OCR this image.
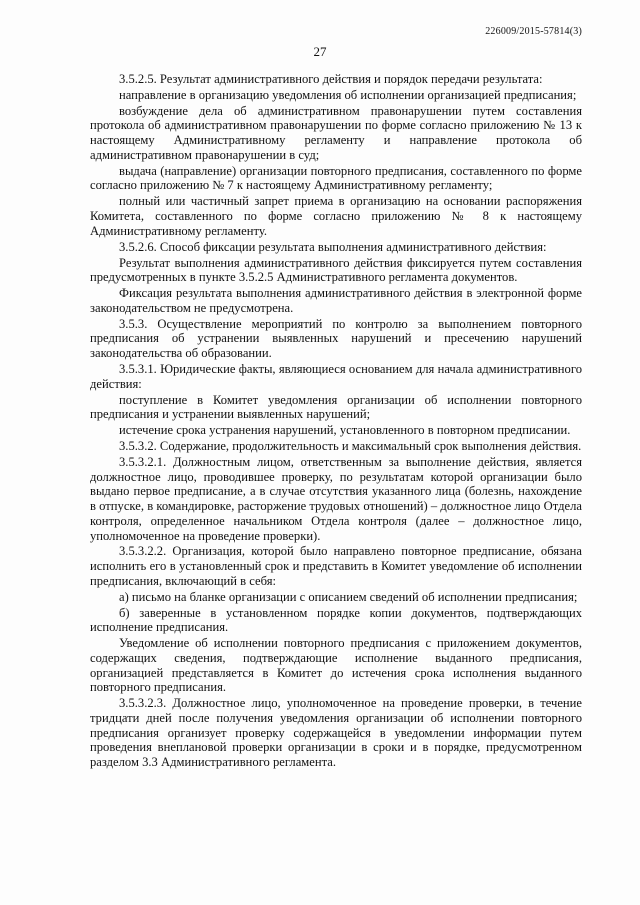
226009/2015-57814(3)
27

3.5.2.5. Результат административного действия и порядок передачи результата:

направление в организацию уведомления об исполнении организацией предписания;

возбуждение дела об административном правонарушении путем составления протокола об административном правонарушении по форме согласно приложению № 13 к настоящему Административному регламенту и направление протокола об административном правонарушении в суд;

выдача (направление) организации повторного предписания, составленного по форме согласно приложению № 7 к настоящему Административному регламенту;

полный или частичный запрет приема в организацию на основании распоряжения Комитета, составленного по форме согласно приложению № 8 к настоящему Административному регламенту.

3.5.2.6. Способ фиксации результата выполнения административного действия:

Результат выполнения административного действия фиксируется путем составления предусмотренных в пункте 3.5.2.5 Административного регламента документов.

Фиксация результата выполнения административного действия в электронной форме законодательством не предусмотрена.

3.5.3. Осуществление мероприятий по контролю за выполнением повторного предписания об устранении выявленных нарушений и пресечению нарушений законодательства об образовании.

3.5.3.1. Юридические факты, являющиеся основанием для начала административного действия:

поступление в Комитет уведомления организации об исполнении повторного предписания и устранении выявленных нарушений;

истечение срока устранения нарушений, установленного в повторном предписании.

3.5.3.2. Содержание, продолжительность и максимальный срок выполнения действия.

3.5.3.2.1. Должностным лицом, ответственным за выполнение действия, является должностное лицо, проводившее проверку, по результатам которой организации было выдано первое предписание, а в случае отсутствия указанного лица (болезнь, нахождение в отпуске, в командировке, расторжение трудовых отношений) – должностное лицо Отдела контроля, определенное начальником Отдела контроля (далее – должностное лицо, уполномоченное на проведение проверки).

3.5.3.2.2. Организация, которой было направлено повторное предписание, обязана исполнить его в установленный срок и представить в Комитет уведомление об исполнении предписания, включающий в себя:

а) письмо на бланке организации с описанием сведений об исполнении предписания;

б) заверенные в установленном порядке копии документов, подтверждающих исполнение предписания.

Уведомление об исполнении повторного предписания с приложением документов, содержащих сведения, подтверждающие исполнение выданного предписания, организацией представляется в Комитет до истечения срока исполнения выданного повторного предписания.

3.5.3.2.3. Должностное лицо, уполномоченное на проведение проверки, в течение тридцати дней после получения уведомления организации об исполнении повторного предписания организует проверку содержащейся в уведомлении информации путем проведения внеплановой проверки организации в сроки и в порядке, предусмотренном разделом 3.3 Административного регламента.
